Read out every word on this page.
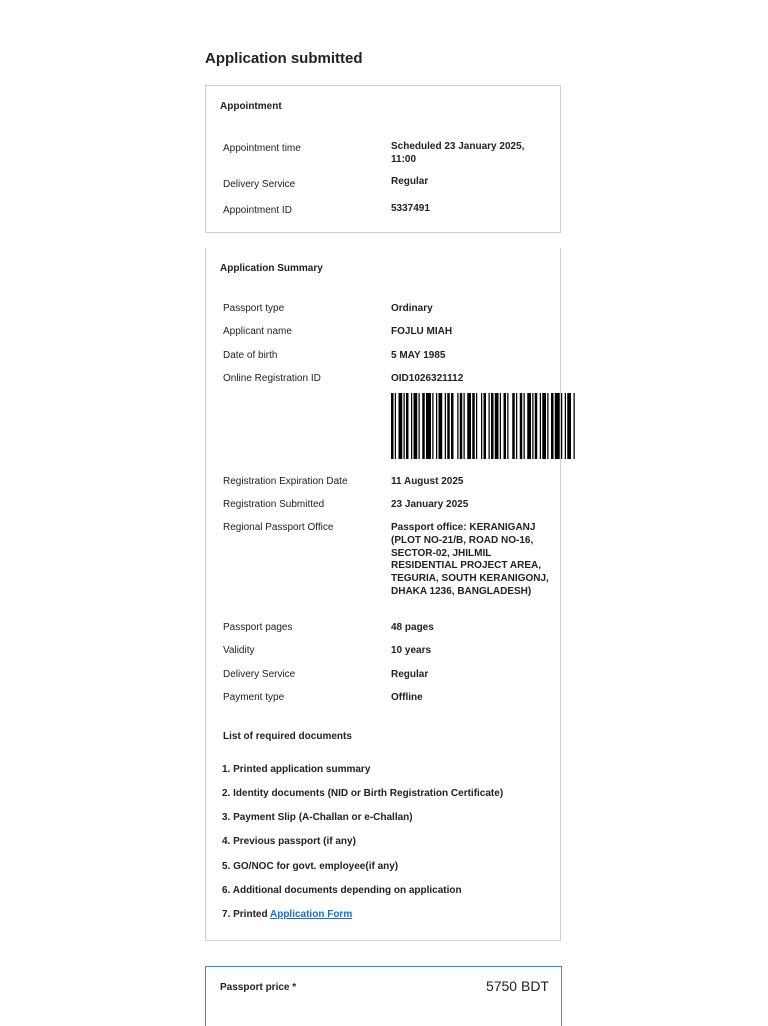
Application submitted
Appointment
Appointment time	Scheduled 23 January 2025,
11:00
Delivery Service	Regular
Appointment ID	5337491
Application Summary
Passport type	Ordinary
Applicant name	FOJLU MIAH
Date of birth	5 MAY 1985
Online Registration ID	OID1026321112
Registration Expiration Date	11 August 2025
Registration Submitted	23 January 2025
Regional Passport Office	Passport office: KERANIGANJ (PLOT NO-21/B, ROAD NO-16, SECTOR-02, JHILMIL RESIDENTIAL PROJECT AREA, TEGURIA, SOUTH KERANIGONJ, DHAKA 1236, BANGLADESH)
Passport pages	48 pages
Validity	10 years
Delivery Service	Regular
Payment type	Offline
List of required documents
1. Printed application summary
2. Identity documents (NID or Birth Registration Certificate)
3. Payment Slip (A-Challan or e-Challan)
4. Previous passport (if any)
5. GO/NOC for govt. employee(if any)
6. Additional documents depending on application
7. Printed Application Form
Passport price *	5750 BDT
